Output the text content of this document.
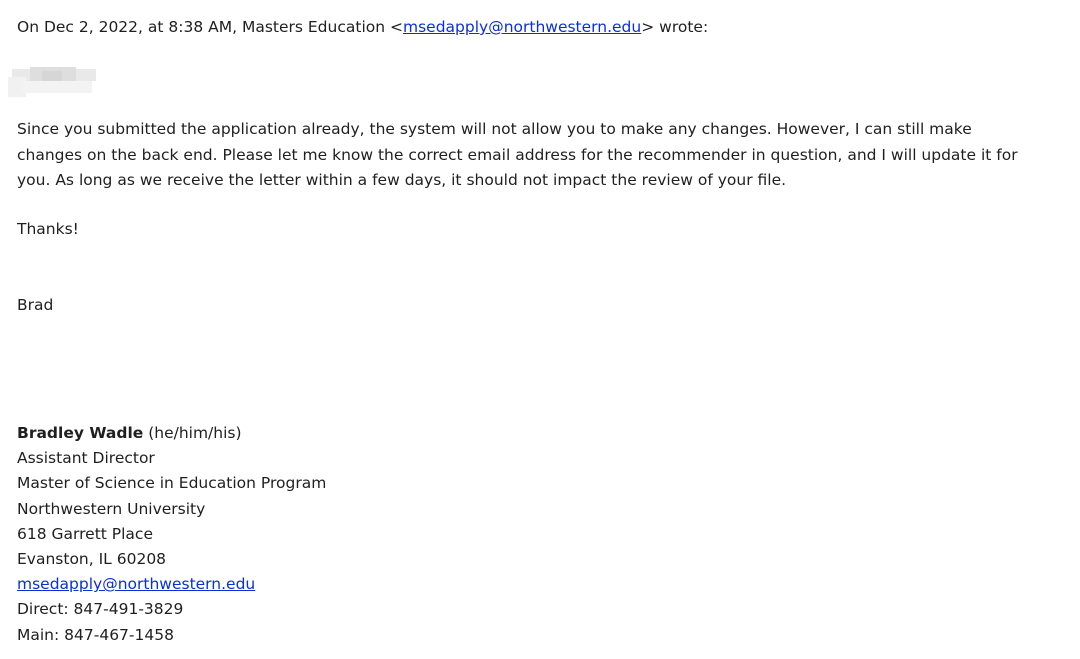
On Dec 2, 2022, at 8:38 AM, Masters Education <msedapply@northwestern.edu> wrote:

Since you submitted the application already, the system will not allow you to make any changes. However, I can still make
changes on the back end. Please let me know the correct email address for the recommender in question, and I will update it for
you. As long as we receive the letter within a few days, it should not impact the review of your file.

Thanks!

Brad

Bradley Wadle (he/him/his)
Assistant Director
Master of Science in Education Program
Northwestern University
618 Garrett Place
Evanston, IL 60208
msedapply@northwestern.edu
Direct: 847-491-3829
Main: 847-467-1458
